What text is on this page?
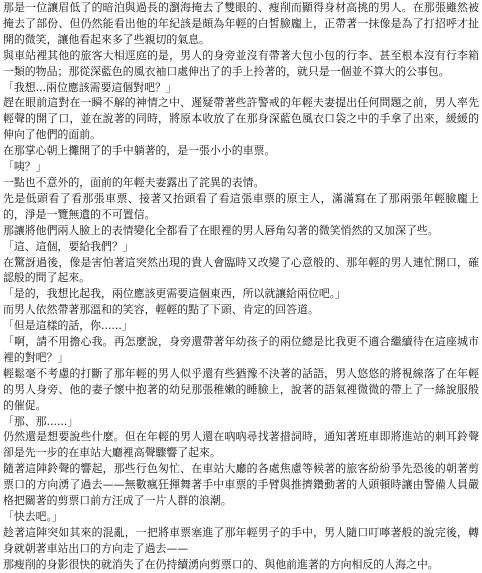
那是一位讓眉低了的暗泊與過長的瀏海掩去了雙眼的、瘦削而顯得身材高挑的男人。在那張雖然被掩去了部份、但仍然能看出他的年紀該是頗為年輕的白皙臉龐上，正帶著一抹像是為了打招呼才扯開的微笑，讓他看起來多了些親切的氣息。

與車站裡其他的旅客大相逕庭的是，男人的身旁並沒有帶著大包小包的行李、甚至根本沒有行李箱一類的物品；那從深藍色的風衣袖口處伸出了的手上拎著的，就只是一個並不算大的公事包。

「我想...兩位應該需要這個對吧？」

趕在眼前這對在一瞬不解的神情之中、遲疑帶著些許警戒的年輕夫妻提出任何問題之前，男人率先輕聲的開了口，並在說著的同時，將原本收放了在那身深藍色風衣口袋之中的手拿了出來，緩緩的伸向了他們的面前。

在那掌心朝上攤開了的手中躺著的，是一張小小的車票。

「咦？」

一點也不意外的，面前的年輕夫妻露出了詫異的表情。

先是低頭看了看那張車票、接著又抬頭看了看這張車票的原主人，滿滿寫在了那兩張年輕臉龐上的，淨是一覽無遺的不可置信。

那讓將他們兩人臉上的表情變化全都看了在眼裡的男人唇角勾著的微笑悄然的又加深了些。

「這、這個，要給我們？」

在驚訝過後，像是害怕著這突然出現的貴人會臨時又改變了心意般的、那年輕的男人連忙開口，確認般的問了起來。

「是的，我想比起我，兩位應該更需要這個東西，所以就讓給兩位吧。」

而男人依然帶著那溫和的笑容，輕輕的點了下頭、肯定的回答道。

「但是這樣的話，你......」

「啊，請不用擔心我。再怎麼說，身旁還帶著年幼孩子的兩位總是比我更不適合繼續待在這座城市裡的對吧？」

輕鬆毫不考慮的打斷了那年輕的男人似乎還有些猶豫不決著的話語，男人悠悠的將視線落了在年輕的男人身旁、他的妻子懷中抱著的幼兒那張稚嫩的睡臉上，說著的語氣裡微微的帶上了一絲說服般的催促。

「那、那......」

仍然還是想要說些什麼。但在年輕的男人還在吶吶尋找著措詞時，通知著班車即將進站的刺耳鈴聲卻是先一步的在車站大廳裡高聲驟響了起來。

隨著這陣鈴聲的響起，那些行色匆忙、在車站大廳的各處焦慮等候著的旅客紛紛爭先恐後的朝著剪票口的方向湧了過去——無數瘋狂揮舞著手中車票的手臂與推擠鑽動著的人頭頓時讓由警備人員嚴格把關著的剪票口前方汪成了一片人群的浪潮。

「快去吧。」

趁著這陣突如其來的混亂，一把將車票塞進了那年輕男子的手中，男人隨口叮嚀著般的說完後，轉身就朝著車站出口的方向走了過去——

那瘦削的身影很快的就消失了在仍持續湧向剪票口的、與他前進著的方向相反的人海之中。
